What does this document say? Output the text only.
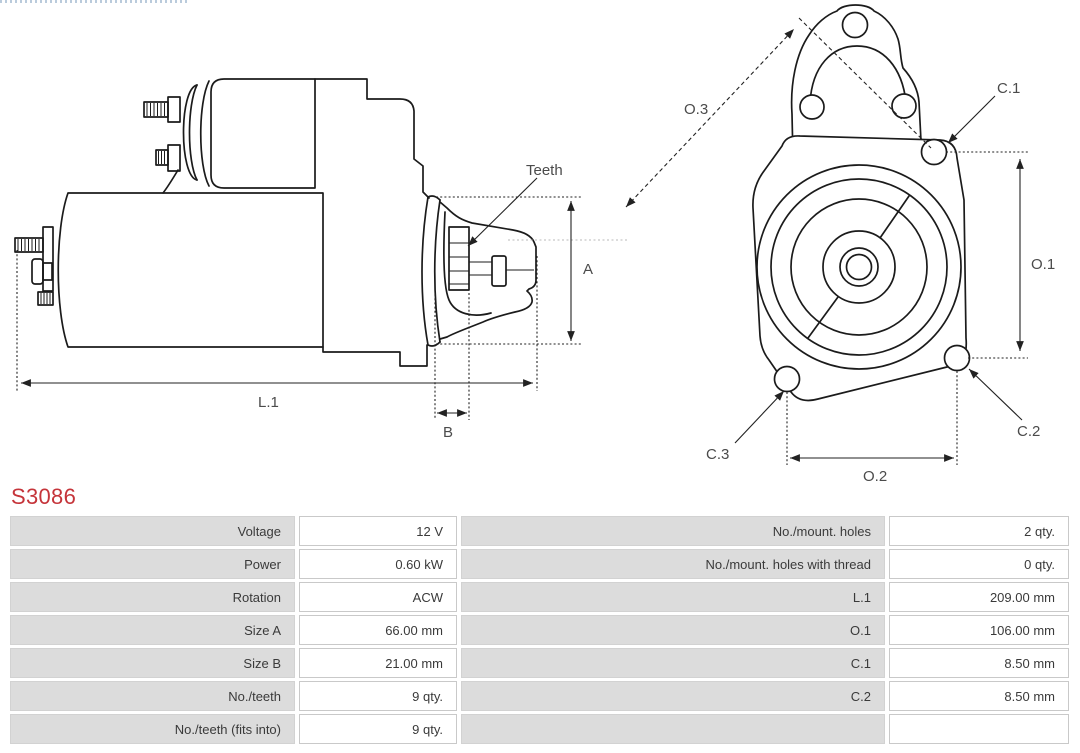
Teeth
A
L.1
B
O.3
C.1
O.1
C.3
O.2
C.2
S3086
Voltage	12 V	No./mount. holes	2 qty.
Power	0.60 kW	No./mount. holes with thread	0 qty.
Rotation	ACW	L.1	209.00 mm
Size A	66.00 mm	O.1	106.00 mm
Size B	21.00 mm	C.1	8.50 mm
No./teeth	9 qty.	C.2	8.50 mm
No./teeth (fits into)	9 qty.
